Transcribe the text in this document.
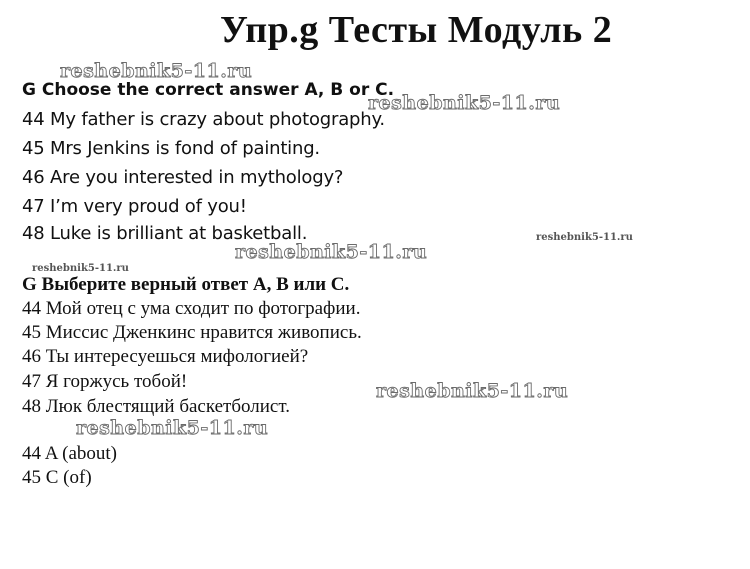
Упр.g Тесты Модуль 2
G Choose the correct answer A, B or C.
44 My father is crazy about photography.
45 Mrs Jenkins is fond of painting.
46 Are you interested in mythology?
47 I’m very proud of you!
48 Luke is brilliant at basketball.
G Выберите верный ответ A, B или C.
44 Мой отец с ума сходит по фотографии.
45 Миссис Дженкинс нравится живопись.
46 Ты интересуешься мифологией?
47 Я горжусь тобой!
48 Люк блестящий баскетболист.
44 A (about)
45 C (of)
reshebnik5-11.ru
reshebnik5-11.ru
reshebnik5-11.ru
reshebnik5-11.ru
reshebnik5-11.ru
reshebnik5-11.ru
reshebnik5-11.ru
